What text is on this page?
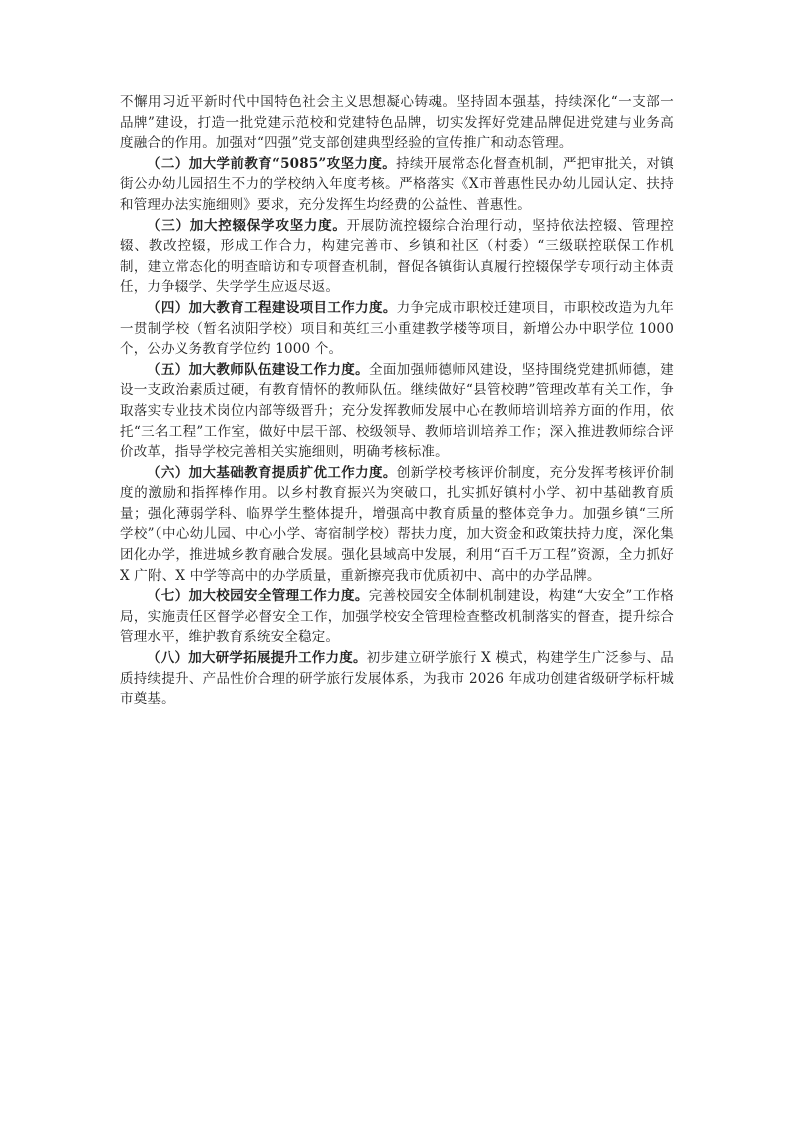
不懈用习近平新时代中国特色社会主义思想凝心铸魂。坚持固本强基，持续深化“一支部一品牌”建设，打造一批党建示范校和党建特色品牌，切实发挥好党建品牌促进党建与业务高度融合的作用。加强对“四强”党支部创建典型经验的宣传推广和动态管理。

（二）加大学前教育“5085”攻坚力度。持续开展常态化督查机制，严把审批关，对镇街公办幼儿园招生不力的学校纳入年度考核。严格落实《X市普惠性民办幼儿园认定、扶持和管理办法实施细则》要求，充分发挥生均经费的公益性、普惠性。

（三）加大控辍保学攻坚力度。开展防流控辍综合治理行动，坚持依法控辍、管理控辍、教改控辍，形成工作合力，构建完善市、乡镇和社区（村委）“三级联控联保工作机制，建立常态化的明查暗访和专项督查机制，督促各镇街认真履行控辍保学专项行动主体责任，力争辍学、失学学生应返尽返。

（四）加大教育工程建设项目工作力度。力争完成市职校迁建项目，市职校改造为九年一贯制学校（暂名浈阳学校）项目和英红三小重建教学楼等项目，新增公办中职学位 1000 个，公办义务教育学位约 1000 个。

（五）加大教师队伍建设工作力度。全面加强师德师风建设，坚持围绕党建抓师德，建设一支政治素质过硬，有教育情怀的教师队伍。继续做好“县管校聘”管理改革有关工作，争取落实专业技术岗位内部等级晋升；充分发挥教师发展中心在教师培训培养方面的作用，依托“三名工程”工作室，做好中层干部、校级领导、教师培训培养工作；深入推进教师综合评价改革，指导学校完善相关实施细则，明确考核标准。

（六）加大基础教育提质扩优工作力度。创新学校考核评价制度，充分发挥考核评价制度的激励和指挥棒作用。以乡村教育振兴为突破口，扎实抓好镇村小学、初中基础教育质量；强化薄弱学科、临界学生整体提升，增强高中教育质量的整体竞争力。加强乡镇“三所学校”（中心幼儿园、中心小学、寄宿制学校）帮扶力度，加大资金和政策扶持力度，深化集团化办学，推进城乡教育融合发展。强化县域高中发展，利用“百千万工程”资源，全力抓好 X 广附、X 中学等高中的办学质量，重新擦亮我市优质初中、高中的办学品牌。

（七）加大校园安全管理工作力度。完善校园安全体制机制建设，构建“大安全”工作格局，实施责任区督学必督安全工作，加强学校安全管理检查整改机制落实的督查，提升综合管理水平，维护教育系统安全稳定。

（八）加大研学拓展提升工作力度。初步建立研学旅行 X 模式，构建学生广泛参与、品质持续提升、产品性价合理的研学旅行发展体系，为我市 2026 年成功创建省级研学标杆城市奠基。
